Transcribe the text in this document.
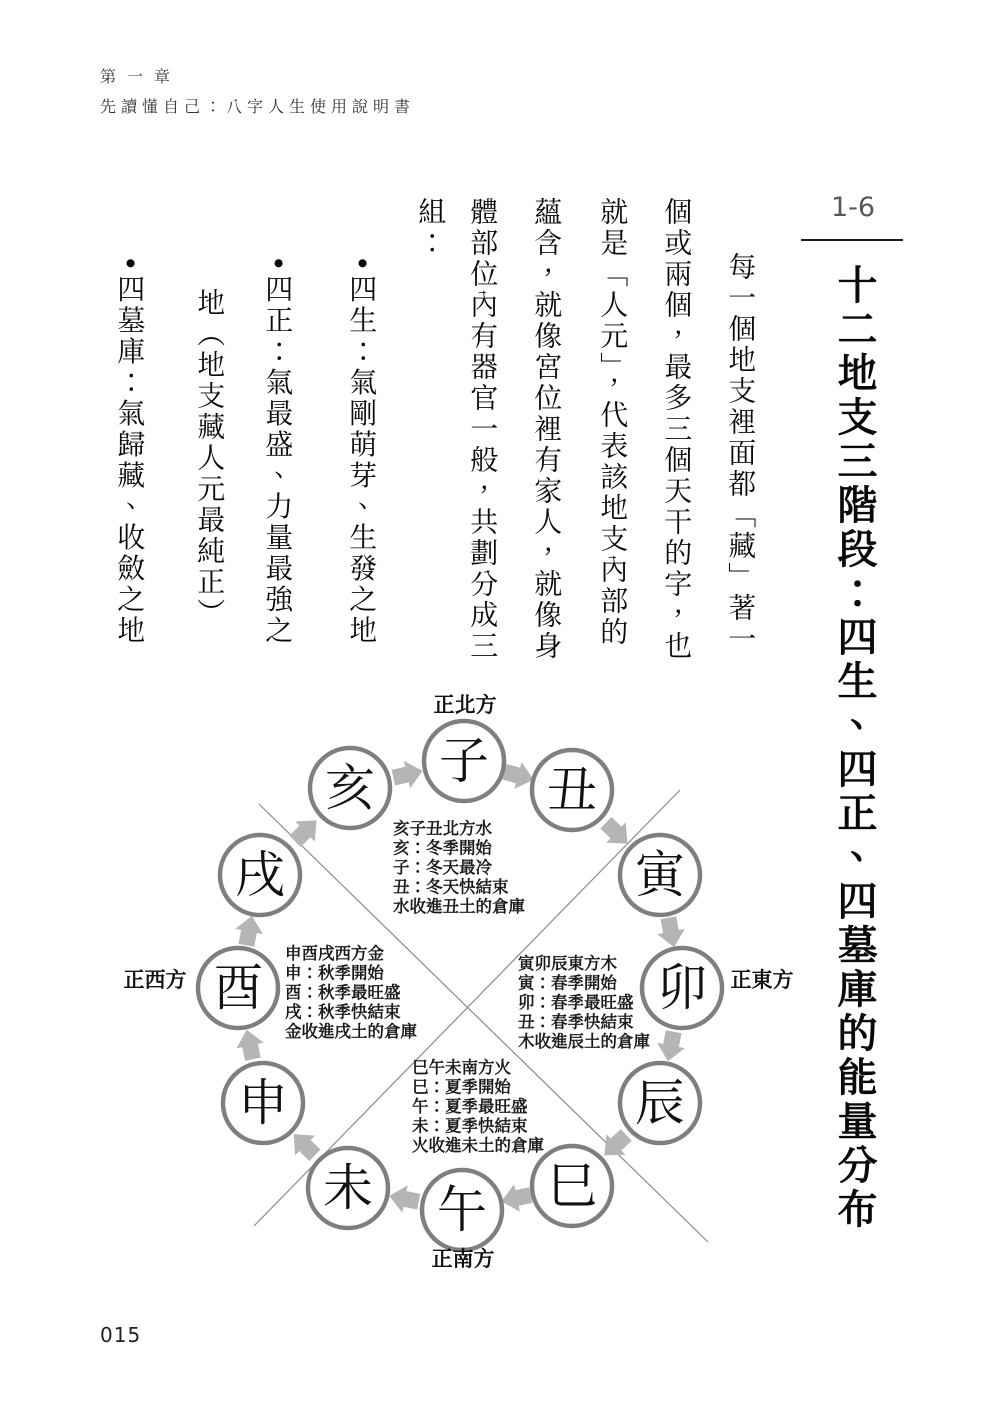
第一章
先讀懂自己：八字人生使用說明書
1-6
十二地支三階段：四生、四正、四墓庫的能量分布
每一個地支裡面都「藏」著一
個或兩個，最多三個天干的字，也
就是「人元」，代表該地支內部的
蘊含，就像宮位裡有家人，就像身
體部位內有器官一般，共劃分成三
組：
•四生：氣剛萌芽、生發之地
•四正：氣最盛、力量最強之
地（地支藏人元最純正）
•四墓庫：氣歸藏、收斂之地
子 丑
寅
卯
辰
巳
午
未
申
酉
戌
亥
正北方
正東方
正南方
正西方
亥子丑北方水
亥：冬季開始
子：冬天最冷
丑：冬天快結束
水收進丑土的倉庫
申酉戌西方金
申：秋季開始
酉：秋季最旺盛
戌：秋季快結束
金收進戌土的倉庫
寅卯辰東方木
寅：春季開始
卯：春季最旺盛
丑：春季快結束
木收進辰土的倉庫
巳午未南方火
巳：夏季開始
午：夏季最旺盛
未：夏季快結束
火收進未土的倉庫
015
